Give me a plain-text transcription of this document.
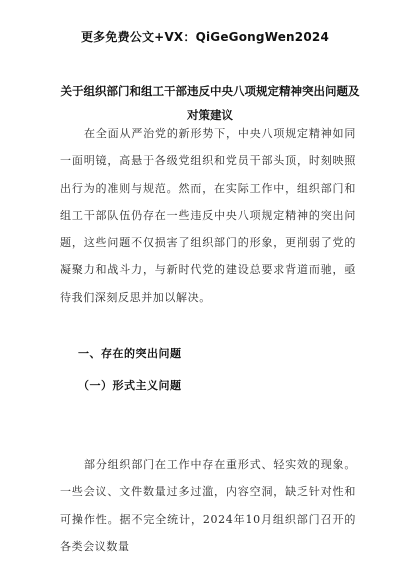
更多免费公文+VX：QiGeGongWen2024
关于组织部门和组工干部违反中央八项规定精神突出问题及对策建议
在全面从严治党的新形势下，中央八项规定精神如同一面明镜，高悬于各级党组织和党员干部头顶，时刻映照出行为的准则与规范。然而，在实际工作中，组织部门和组工干部队伍仍存在一些违反中央八项规定精神的突出问题，这些问题不仅损害了组织部门的形象，更削弱了党的凝聚力和战斗力，与新时代党的建设总要求背道而驰，亟待我们深刻反思并加以解决。
一、存在的突出问题
（一）形式主义问题
部分组织部门在工作中存在重形式、轻实效的现象。一些会议、文件数量过多过滥，内容空洞，缺乏针对性和可操作性。据不完全统计，2024年10月组织部门召开的各类会议数量
